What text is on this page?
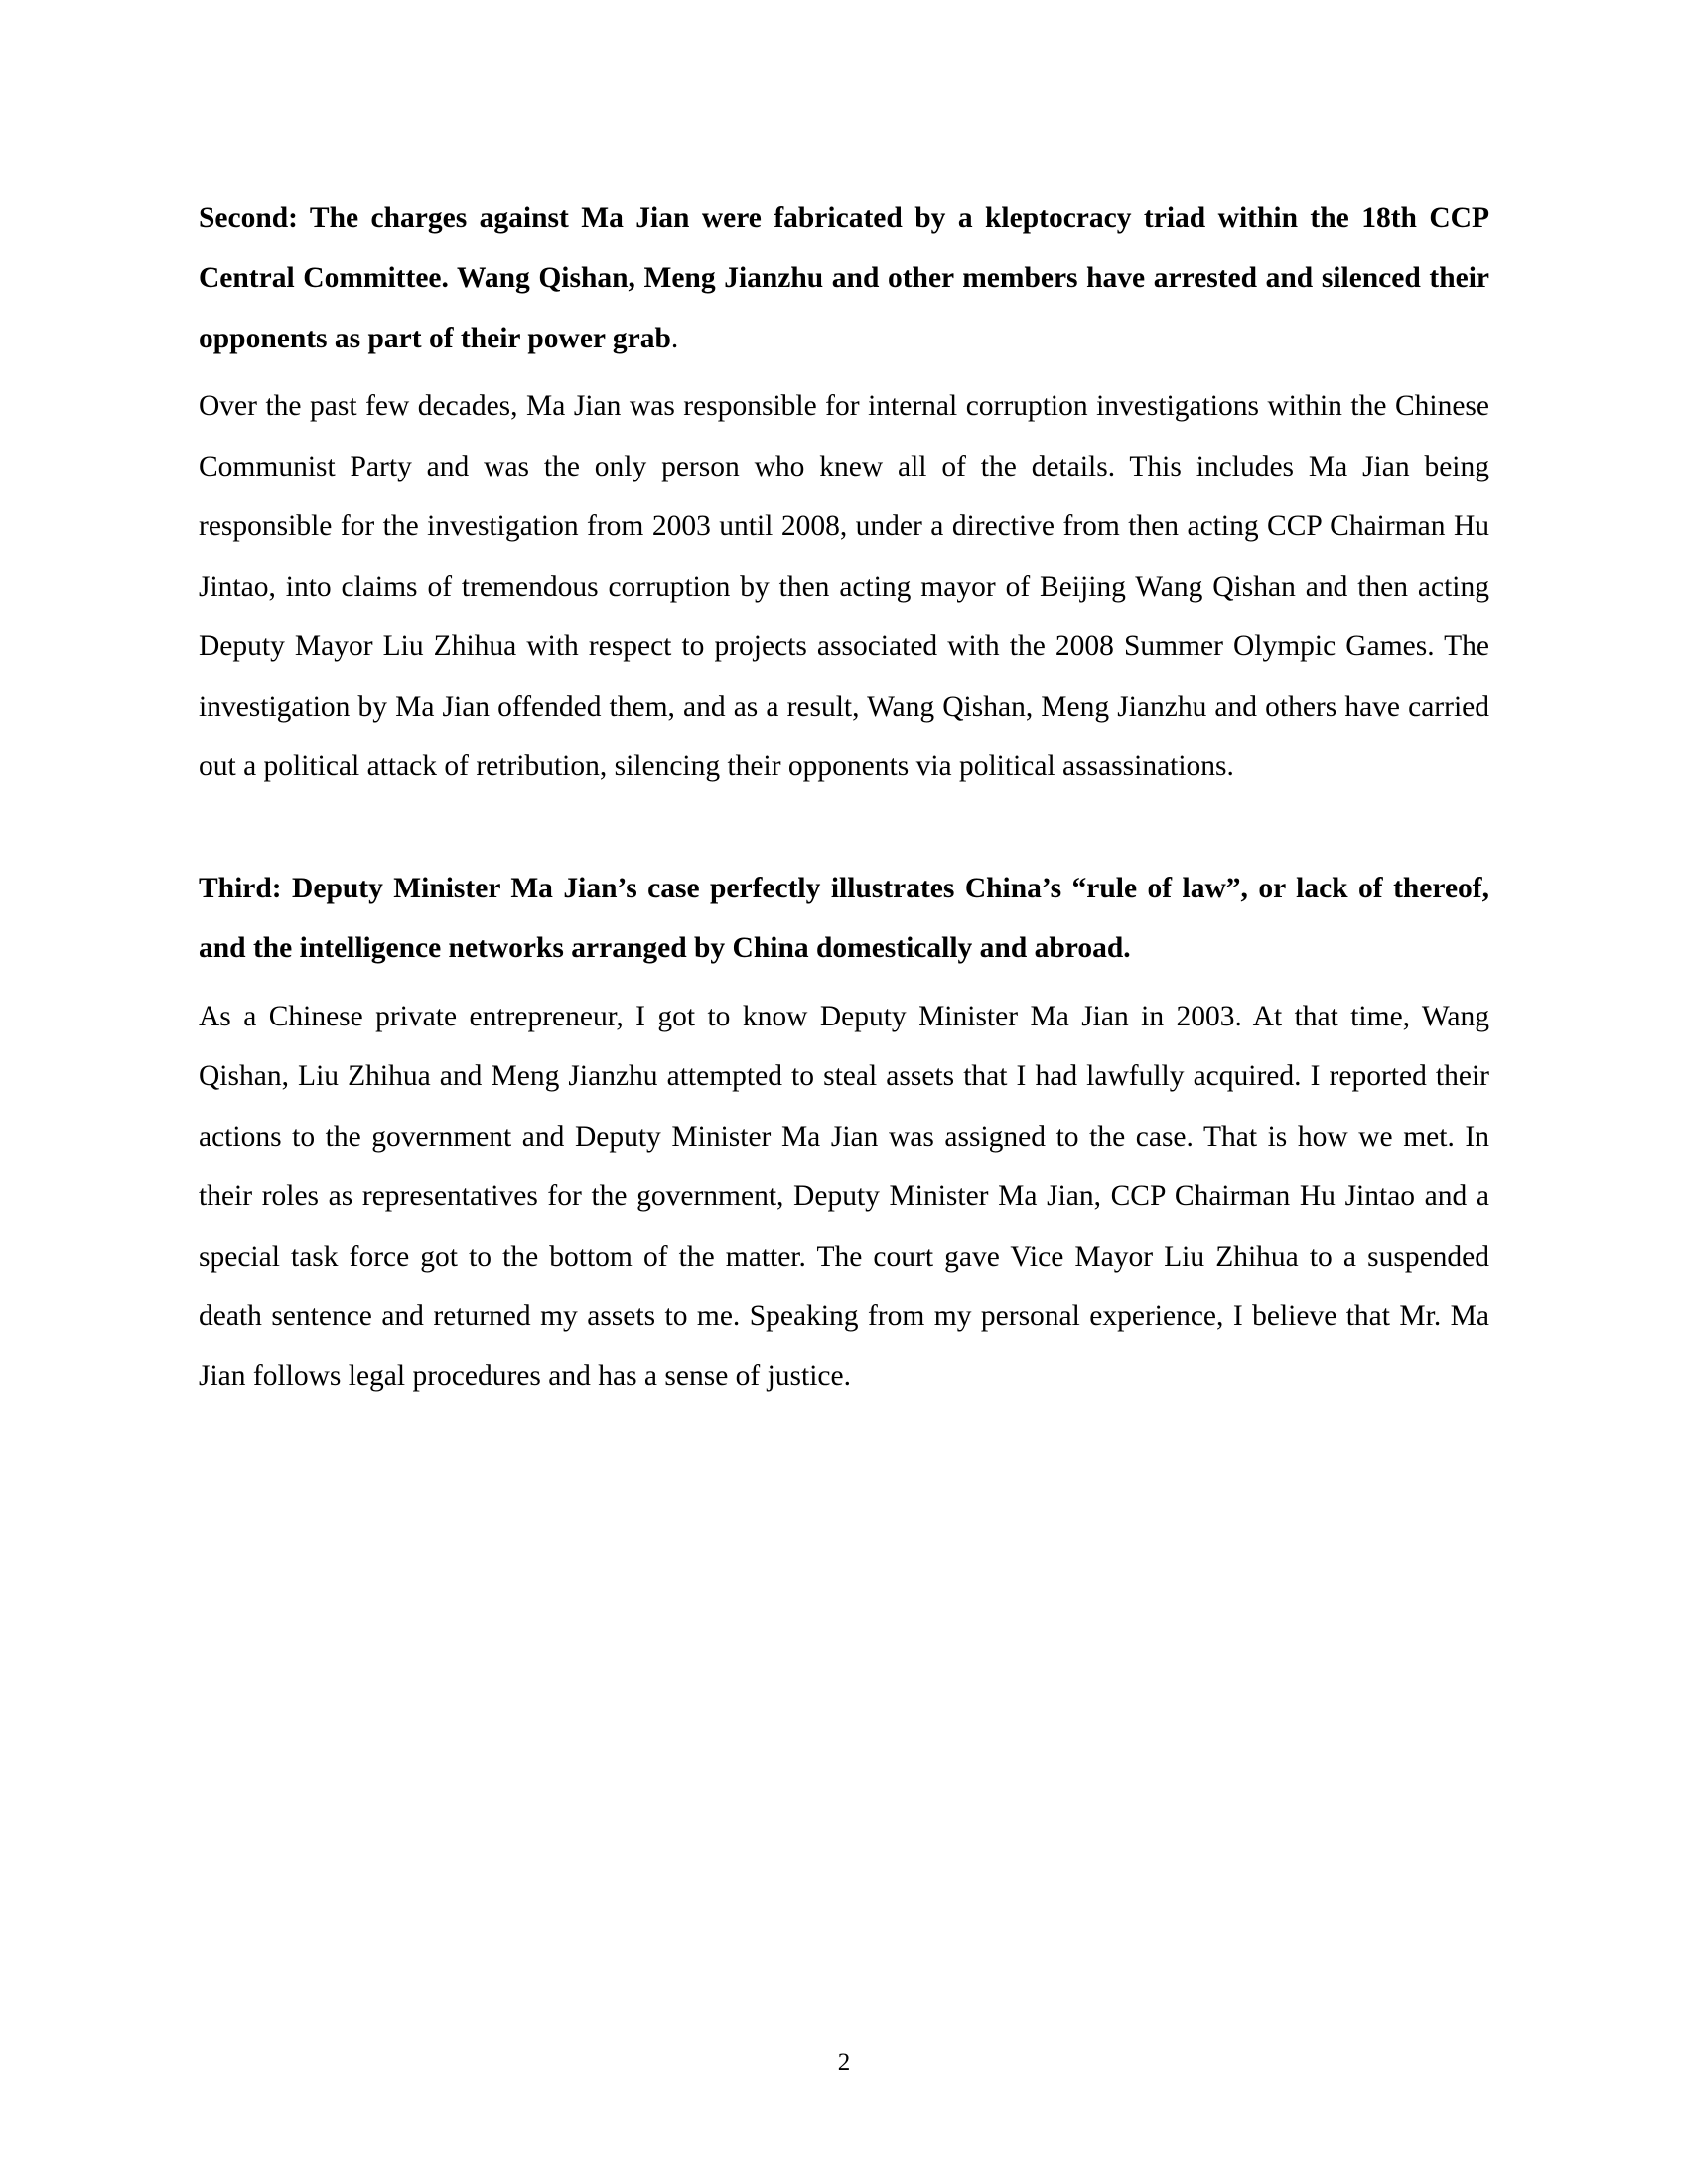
Second: The charges against Ma Jian were fabricated by a kleptocracy triad within the 18th CCP Central Committee. Wang Qishan, Meng Jianzhu and other members have arrested and silenced their opponents as part of their power grab.

Over the past few decades, Ma Jian was responsible for internal corruption investigations within the Chinese Communist Party and was the only person who knew all of the details. This includes Ma Jian being responsible for the investigation from 2003 until 2008, under a directive from then acting CCP Chairman Hu Jintao, into claims of tremendous corruption by then acting mayor of Beijing Wang Qishan and then acting Deputy Mayor Liu Zhihua with respect to projects associated with the 2008 Summer Olympic Games. The investigation by Ma Jian offended them, and as a result, Wang Qishan, Meng Jianzhu and others have carried out a political attack of retribution, silencing their opponents via political assassinations.

Third: Deputy Minister Ma Jian’s case perfectly illustrates China’s “rule of law”, or lack of thereof, and the intelligence networks arranged by China domestically and abroad.

As a Chinese private entrepreneur, I got to know Deputy Minister Ma Jian in 2003. At that time, Wang Qishan, Liu Zhihua and Meng Jianzhu attempted to steal assets that I had lawfully acquired. I reported their actions to the government and Deputy Minister Ma Jian was assigned to the case. That is how we met. In their roles as representatives for the government, Deputy Minister Ma Jian, CCP Chairman Hu Jintao and a special task force got to the bottom of the matter. The court gave Vice Mayor Liu Zhihua to a suspended death sentence and returned my assets to me. Speaking from my personal experience, I believe that Mr. Ma Jian follows legal procedures and has a sense of justice.

2
